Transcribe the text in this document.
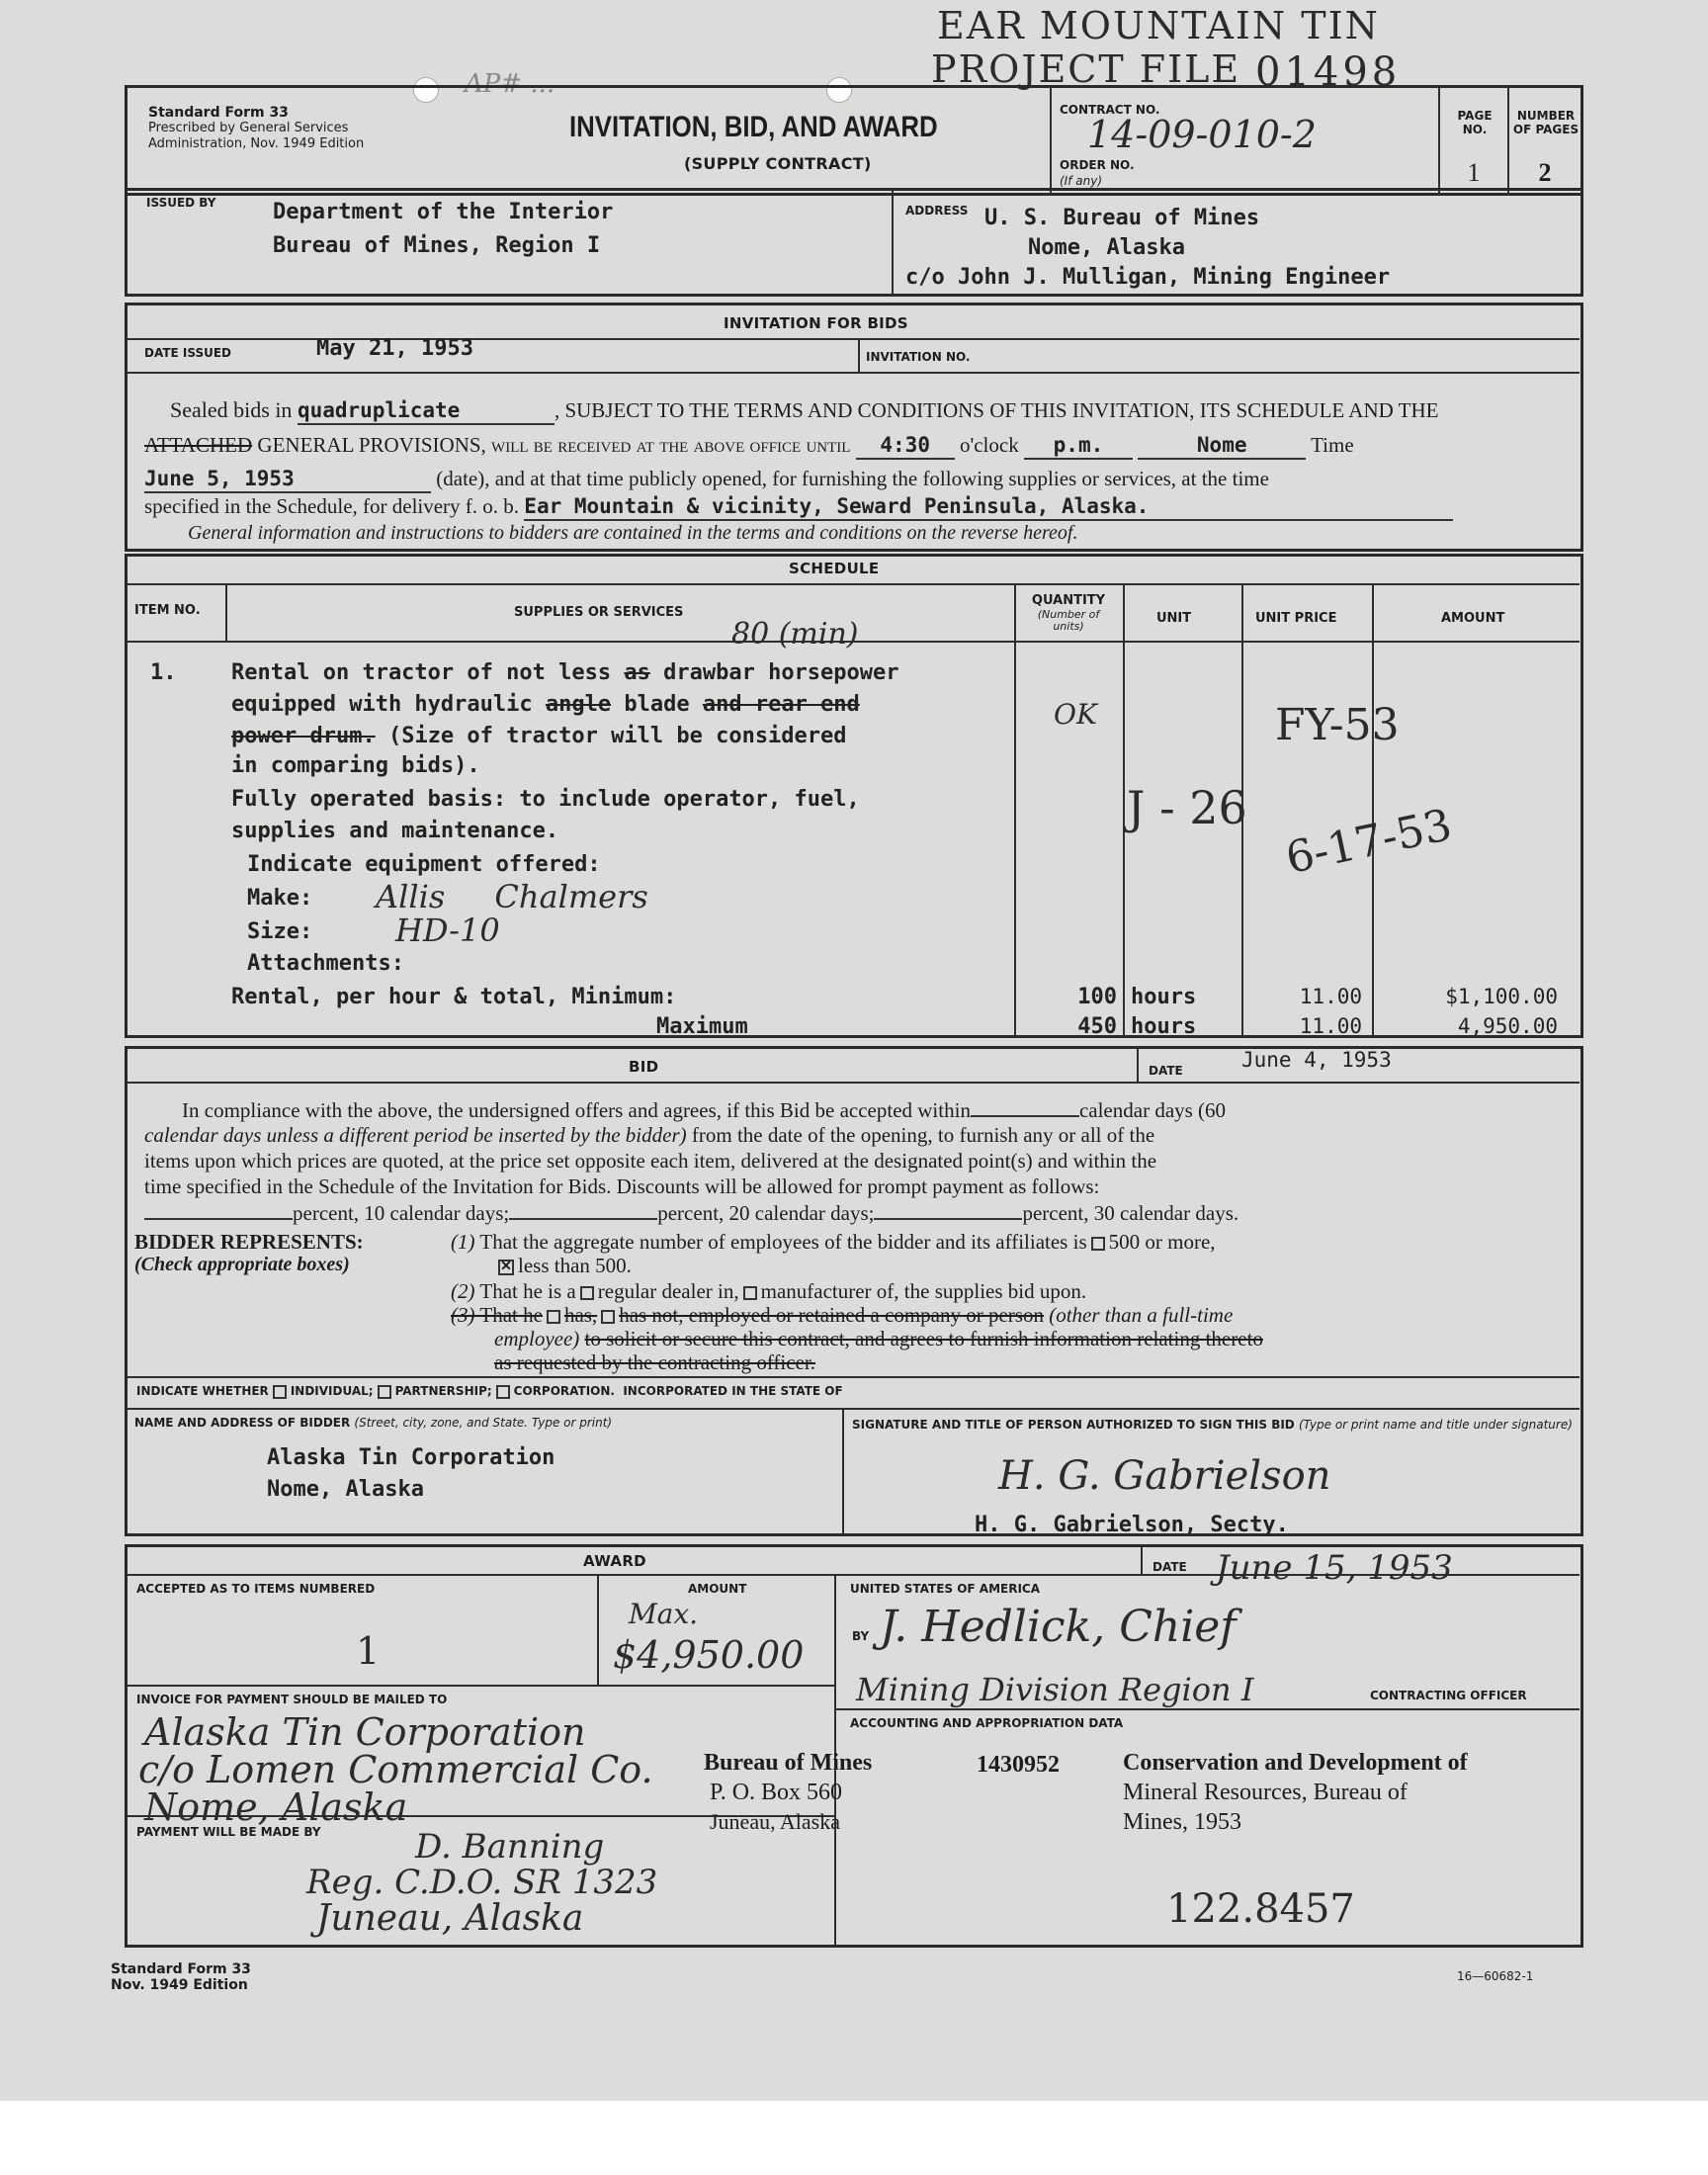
EAR MOUNTAIN TIN
PROJECT FILE 01498
AP# ...
Standard Form 33
Prescribed by General Services
Administration, Nov. 1949 Edition
INVITATION, BID, AND AWARD
(SUPPLY CONTRACT)
CONTRACT NO.
14-09-010-2
ORDER NO.
(If any)
PAGE NO.
1
NUMBER OF PAGES
2
ISSUED BY	Department of the Interior
Bureau of Mines, Region I
ADDRESS U. S. Bureau of Mines
Nome, Alaska
c/o John J. Mulligan, Mining Engineer
INVITATION FOR BIDS
DATE ISSUED	May 21, 1953	INVITATION NO.
Sealed bids in quadruplicate	, SUBJECT TO THE TERMS AND CONDITIONS OF THIS INVITATION, ITS SCHEDULE AND THE
ATTACHED GENERAL PROVISIONS, will be received at the above office until 4:30 o'clock p.m.	Nome	Time
June 5, 1953	(date), and at that time publicly opened, for furnishing the following supplies or services, at the time
specified in the Schedule, for delivery f. o. b. Ear Mountain & vicinity, Seward Peninsula, Alaska.
General information and instructions to bidders are contained in the terms and conditions on the reverse hereof.
SCHEDULE
ITEM NO.	SUPPLIES OR SERVICES
QUANTITY
(Number of units)
UNIT	UNIT PRICE	AMOUNT
1.
80 (min)
Rental on tractor of not less as drawbar horsepower
equipped with hydraulic angle blade and rear end
power drum. (Size of tractor will be considered
in comparing bids).
Fully operated basis: to include operator, fuel,
supplies and maintenance.
Indicate equipment offered:
Make: Allis Chalmers
Size:	HD-10
Attachments:
Rental, per hour & total, Minimum:
Maximum
OK	FY-53
J - 26 6-17-53
100 hours	11.00	$1,100.00
450 hours	11.00	4,950.00
BID	DATE	June 4, 1953
In compliance with the above, the undersigned offers and agrees, if this Bid be accepted within	calendar days (60
calendar days unless a different period be inserted by the bidder) from the date of the opening, to furnish any or all of the
items upon which prices are quoted, at the price set opposite each item, delivered at the designated point(s) and within the
time specified in the Schedule of the Invitation for Bids. Discounts will be allowed for prompt payment as follows:
percent, 10 calendar days;	percent, 20 calendar days;	percent, 30 calendar days.
BIDDER REPRESENTS:
(Check appropriate boxes)
(1) That the aggregate number of employees of the bidder and its affiliates is 500 or more,
✕ less than 500.
(2) That he is a regular dealer in, manufacturer of, the supplies bid upon.
(3) That he has, has not, employed or retained a company or person (other than a full-time
employee) to solicit or secure this contract, and agrees to furnish information relating thereto
as requested by the contracting officer.
INDICATE WHETHER INDIVIDUAL; PARTNERSHIP; CORPORATION. INCORPORATED IN THE STATE OF
NAME AND ADDRESS OF BIDDER (Street, city, zone, and State. Type or print)
Alaska Tin Corporation
Nome, Alaska
SIGNATURE AND TITLE OF PERSON AUTHORIZED TO SIGN THIS BID (Type or print name and title under signature)
H. G. Gabrielson
H. G. Gabrielson, Secty.
AWARD	DATE June 15, 1953
ACCEPTED AS TO ITEMS NUMBERED	AMOUNT
1
Max.
$4,950.00
UNITED STATES OF AMERICA
BY J. Hedlick, Chief
Mining Division Region I	CONTRACTING OFFICER
INVOICE FOR PAYMENT SHOULD BE MAILED TO
Alaska Tin Corporation
c/o Lomen Commercial Co.
Nome, Alaska
Bureau of Mines
P. O. Box 560
Juneau, Alaska
ACCOUNTING AND APPROPRIATION DATA
1430952	Conservation and Development of
Mineral Resources, Bureau of
Mines, 1953
PAYMENT WILL BE MADE BY	D. Banning
Reg. C.D.O. SR 1323
Juneau, Alaska	122.8457
Standard Form 33
Nov. 1949 Edition
16—60682-1
